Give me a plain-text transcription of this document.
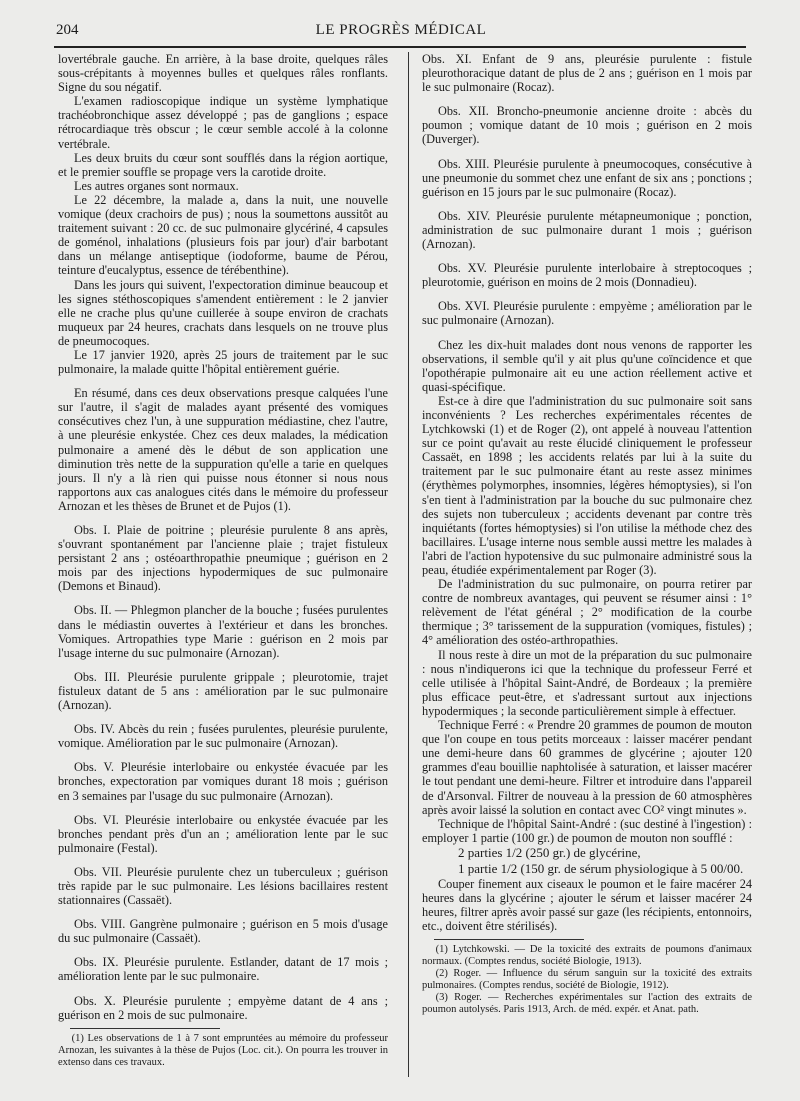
204	LE PROGRÈS MÉDICAL

lovertébrale gauche. En arrière, à la base droite, quelques râles sous-crépitants à moyennes bulles et quelques râles ronflants. Signe du sou négatif.

L'examen radioscopique indique un système lymphatique trachéobronchique assez développé ; pas de ganglions ; espace rétrocardiaque très obscur ; le cœur semble accolé à la colonne vertébrale.

Les deux bruits du cœur sont soufflés dans la région aortique, et le premier souffle se propage vers la carotide droite.

Les autres organes sont normaux.

Le 22 décembre, la malade a, dans la nuit, une nouvelle vomique (deux crachoirs de pus) ; nous la soumettons aussitôt au traitement suivant : 20 cc. de suc pulmonaire glycériné, 4 capsules de goménol, inhalations (plusieurs fois par jour) d'air barbotant dans un mélange antiseptique (iodoforme, baume de Pérou, teinture d'eucalyptus, essence de térébenthine).

Dans les jours qui suivent, l'expectoration diminue beaucoup et les signes stéthoscopiques s'amendent entièrement : le 2 janvier elle ne crache plus qu'une cuillerée à soupe environ de crachats muqueux par 24 heures, crachats dans lesquels on ne trouve plus de pneumocoques.

Le 17 janvier 1920, après 25 jours de traitement par le suc pulmonaire, la malade quitte l'hôpital entièrement guérie.

En résumé, dans ces deux observations presque calquées l'une sur l'autre, il s'agit de malades ayant présenté des vomiques consécutives chez l'un, à une suppuration médiastine, chez l'autre, à une pleurésie enkystée. Chez ces deux malades, la médication pulmonaire a amené dès le début de son application une diminution très nette de la suppuration qu'elle a tarie en quelques jours. Il n'y a là rien qui puisse nous étonner si nous nous rapportons aux cas analogues cités dans le mémoire du professeur Arnozan et les thèses de Brunet et de Pujos (1).

Obs. I. Plaie de poitrine ; pleurésie purulente 8 ans après, s'ouvrant spontanément par l'ancienne plaie ; trajet fistuleux persistant 2 ans ; ostéoarthropathie pneumique ; guérison en 2 mois par des injections hypodermiques de suc pulmonaire (Demons et Binaud).

Obs. II. — Phlegmon plancher de la bouche ; fusées purulentes dans le médiastin ouvertes à l'extérieur et dans les bronches. Vomiques. Artropathies type Marie : guérison en 2 mois par l'usage interne du suc pulmonaire (Arnozan).

Obs. III. Pleurésie purulente grippale ; pleurotomie, trajet fistuleux datant de 5 ans : amélioration par le suc pulmonaire (Arnozan).

Obs. IV. Abcès du rein ; fusées purulentes, pleurésie purulente, vomique. Amélioration par le suc pulmonaire (Arnozan).

Obs. V. Pleurésie interlobaire ou enkystée évacuée par les bronches, expectoration par vomiques durant 18 mois ; guérison en 3 semaines par l'usage du suc pulmonaire (Arnozan).

Obs. VI. Pleurésie interlobaire ou enkystée évacuée par les bronches pendant près d'un an ; amélioration lente par le suc pulmonaire (Festal).

Obs. VII. Pleurésie purulente chez un tuberculeux ; guérison très rapide par le suc pulmonaire. Les lésions bacillaires restent stationnaires (Cassaët).

Obs. VIII. Gangrène pulmonaire ; guérison en 5 mois d'usage du suc pulmonaire (Cassaët).

Obs. IX. Pleurésie purulente. Estlander, datant de 17 mois ; amélioration lente par le suc pulmonaire.

Obs. X. Pleurésie purulente ; empyème datant de 4 ans ; guérison en 2 mois de suc pulmonaire.

(1) Les observations de 1 à 7 sont empruntées au mémoire du professeur Arnozan, les suivantes à la thèse de Pujos (Loc. cit.). On pourra les trouver in extenso dans ces travaux.

Obs. XI. Enfant de 9 ans, pleurésie purulente : fistule pleurothoracique datant de plus de 2 ans ; guérison en 1 mois par le suc pulmonaire (Rocaz).

Obs. XII. Broncho-pneumonie ancienne droite : abcès du poumon ; vomique datant de 10 mois ; guérison en 2 mois (Duverger).

Obs. XIII. Pleurésie purulente à pneumocoques, consécutive à une pneumonie du sommet chez une enfant de six ans ; ponctions ; guérison en 15 jours par le suc pulmonaire (Rocaz).

Obs. XIV. Pleurésie purulente métapneumonique ; ponction, administration de suc pulmonaire durant 1 mois ; guérison (Arnozan).

Obs. XV. Pleurésie purulente interlobaire à streptocoques ; pleurotomie, guérison en moins de 2 mois (Donnadieu).

Obs. XVI. Pleurésie purulente : empyème ; amélioration par le suc pulmonaire (Arnozan).

Chez les dix-huit malades dont nous venons de rapporter les observations, il semble qu'il y ait plus qu'une coïncidence et que l'opothérapie pulmonaire ait eu une action réellement active et quasi-spécifique.

Est-ce à dire que l'administration du suc pulmonaire soit sans inconvénients ? Les recherches expérimentales récentes de Lytchkowski (1) et de Roger (2), ont appelé à nouveau l'attention sur ce point qu'avait au reste élucidé cliniquement le professeur Cassaët, en 1898 ; les accidents relatés par lui à la suite du traitement par le suc pulmonaire étant au reste assez minimes (érythèmes polymorphes, insomnies, légères hémoptysies), si l'on s'en tient à l'administration par la bouche du suc pulmonaire chez des sujets non tuberculeux ; accidents devenant par contre très inquiétants (fortes hémoptysies) si l'on utilise la méthode chez des bacillaires. L'usage interne nous semble aussi mettre les malades à l'abri de l'action hypotensive du suc pulmonaire administré sous la peau, étudiée expérimentalement par Roger (3).

De l'administration du suc pulmonaire, on pourra retirer par contre de nombreux avantages, qui peuvent se résumer ainsi : 1° relèvement de l'état général ; 2° modification de la courbe thermique ; 3° tarissement de la suppuration (vomiques, fistules) ; 4° amélioration des ostéo-arthropathies.

Il nous reste à dire un mot de la préparation du suc pulmonaire : nous n'indiquerons ici que la technique du professeur Ferré et celle utilisée à l'hôpital Saint-André, de Bordeaux ; la première plus efficace peut-être, et s'adressant surtout aux injections hypodermiques ; la seconde particulièrement simple à effectuer.

Technique Ferré : « Prendre 20 grammes de poumon de mouton que l'on coupe en tous petits morceaux : laisser macérer pendant une demi-heure dans 60 grammes de glycérine ; ajouter 120 grammes d'eau bouillie naphtolisée à saturation, et laisser macérer le tout pendant une demi-heure. Filtrer et introduire dans l'appareil de d'Arsonval. Filtrer de nouveau à la pression de 60 atmosphères après avoir laissé la solution en contact avec CO² vingt minutes ».

Technique de l'hôpital Saint-André : (suc destiné à l'ingestion) : employer 1 partie (100 gr.) de poumon de mouton non soufflé :

2 parties 1/2 (250 gr.) de glycérine,
1 partie 1/2 (150 gr. de sérum physiologique à 5 00/00.

Couper finement aux ciseaux le poumon et le faire macérer 24 heures dans la glycérine ; ajouter le sérum et laisser macérer 24 heures, filtrer après avoir passé sur gaze (les récipients, entonnoirs, etc., doivent être stérilisés).

(1) Lytchkowski. — De la toxicité des extraits de poumons d'animaux normaux. (Comptes rendus, société Biologie, 1913).

(2) Roger. — Influence du sérum sanguin sur la toxicité des extraits pulmonaires. (Comptes rendus, société de Biologie, 1912).

(3) Roger. — Recherches expérimentales sur l'action des extraits de poumon autolysés. Paris 1913, Arch. de méd. expér. et Anat. path.
